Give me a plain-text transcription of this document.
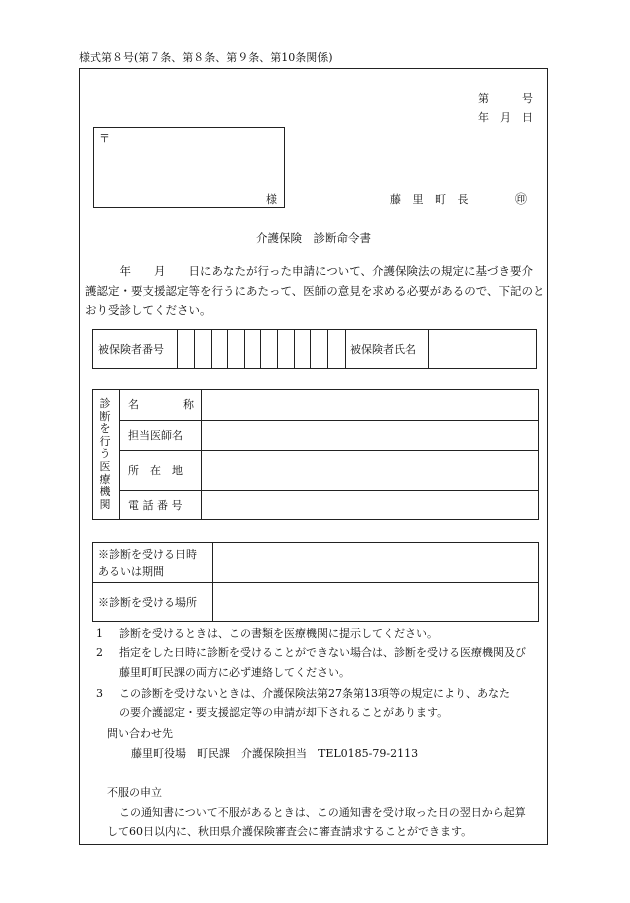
様式第８号(第７条、第８条、第９条、第10条関係)
第　　　号
年　月　日
〒
様	藤 里 町 長	㊞
介護保険　診断命令書

　　　年　　月　　日にあなたが行った申請について、介護保険法の規定に基づき要介

護認定・要支援認定等を行うにあたって、医師の意見を求める必要があるので、下記のと

おり受診してください。

被保険者番号	被保険者氏名
診
断
を
行
う
医
療
機
関
名　　　　称
担当医師名
所　在　地
電 話 番 号
※診断を受ける日時
あるいは期間
※診断を受ける場所
1 診断を受けるときは、この書類を医療機関に提示してください。
2 指定をした日時に診断を受けることができない場合は、診断を受ける医療機関及び
藤里町町民課の両方に必ず連絡してください。
3 この診断を受けないときは、介護保険法第27条第13項等の規定により、あなた
の要介護認定・要支援認定等の申請が却下されることがあります。
問い合わせ先
藤里町役場　町民課　介護保険担当　TEL0185-79-2113
不服の申立
この通知書について不服があるときは、この通知書を受け取った日の翌日から起算
して60日以内に、秋田県介護保険審査会に審査請求することができます。
